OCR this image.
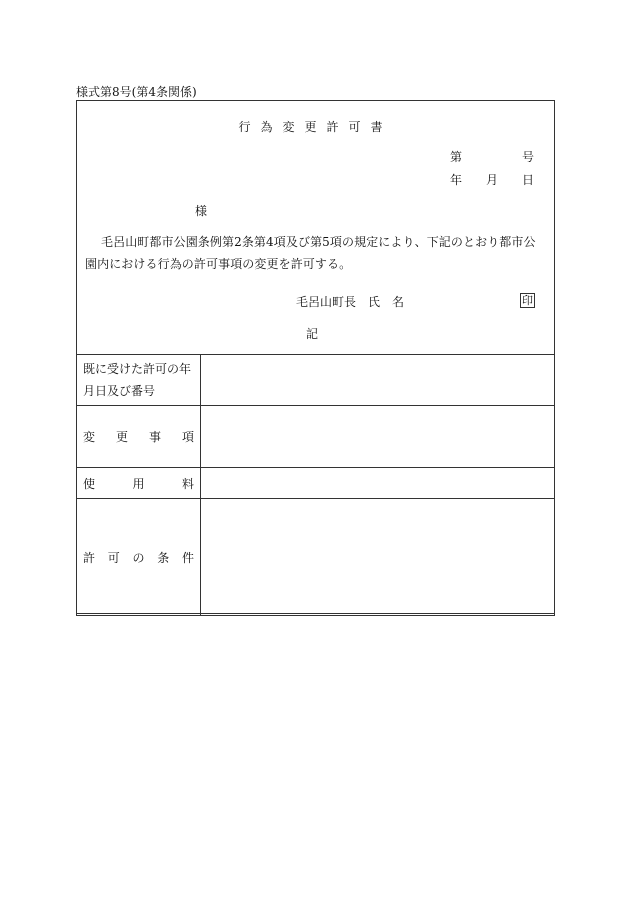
様式第8号(第4条関係)
行為変更許可書
第	号
年 月 日
様
毛呂山町都市公園条例第2条第4項及び第5項の規定により、下記のとおり都市公園内における行為の許可事項の変更を許可する。
毛呂山町長　氏　名	印
記
既に受けた許可の年月日及び番号	

変 更 事 項	

使 用 料	

許 可 の 条 件	
